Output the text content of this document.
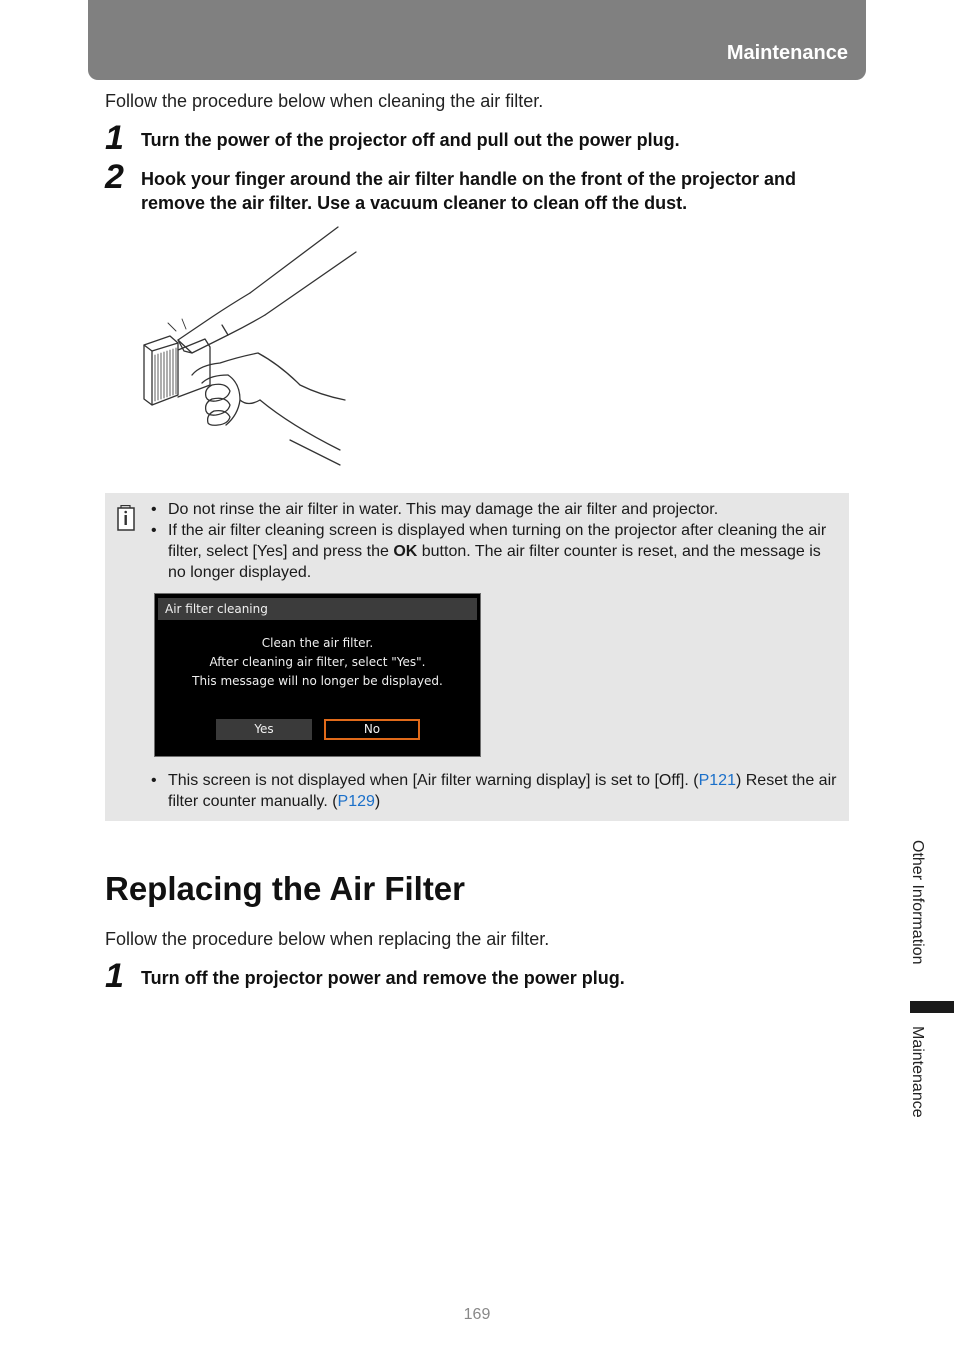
Maintenance
Follow the procedure below when cleaning the air filter.
1 Turn the power of the projector off and pull out the power plug.
2 Hook your finger around the air filter handle on the front of the projector and remove the air filter. Use a vacuum cleaner to clean off the dust.
• Do not rinse the air filter in water. This may damage the air filter and projector.
• If the air filter cleaning screen is displayed when turning on the projector after cleaning the air filter, select [Yes] and press the OK button. The air filter counter is reset, and the message is no longer displayed.
• This screen is not displayed when [Air filter warning display] is set to [Off]. (P121) Reset the air filter counter manually. (P129)
Air filter cleaning
Clean the air filter.
After cleaning air filter, select "Yes".
This message will no longer be displayed.
Yes	No
Replacing the Air Filter
Follow the procedure below when replacing the air filter.
1 Turn off the projector power and remove the power plug.
Other Information
Maintenance
169
